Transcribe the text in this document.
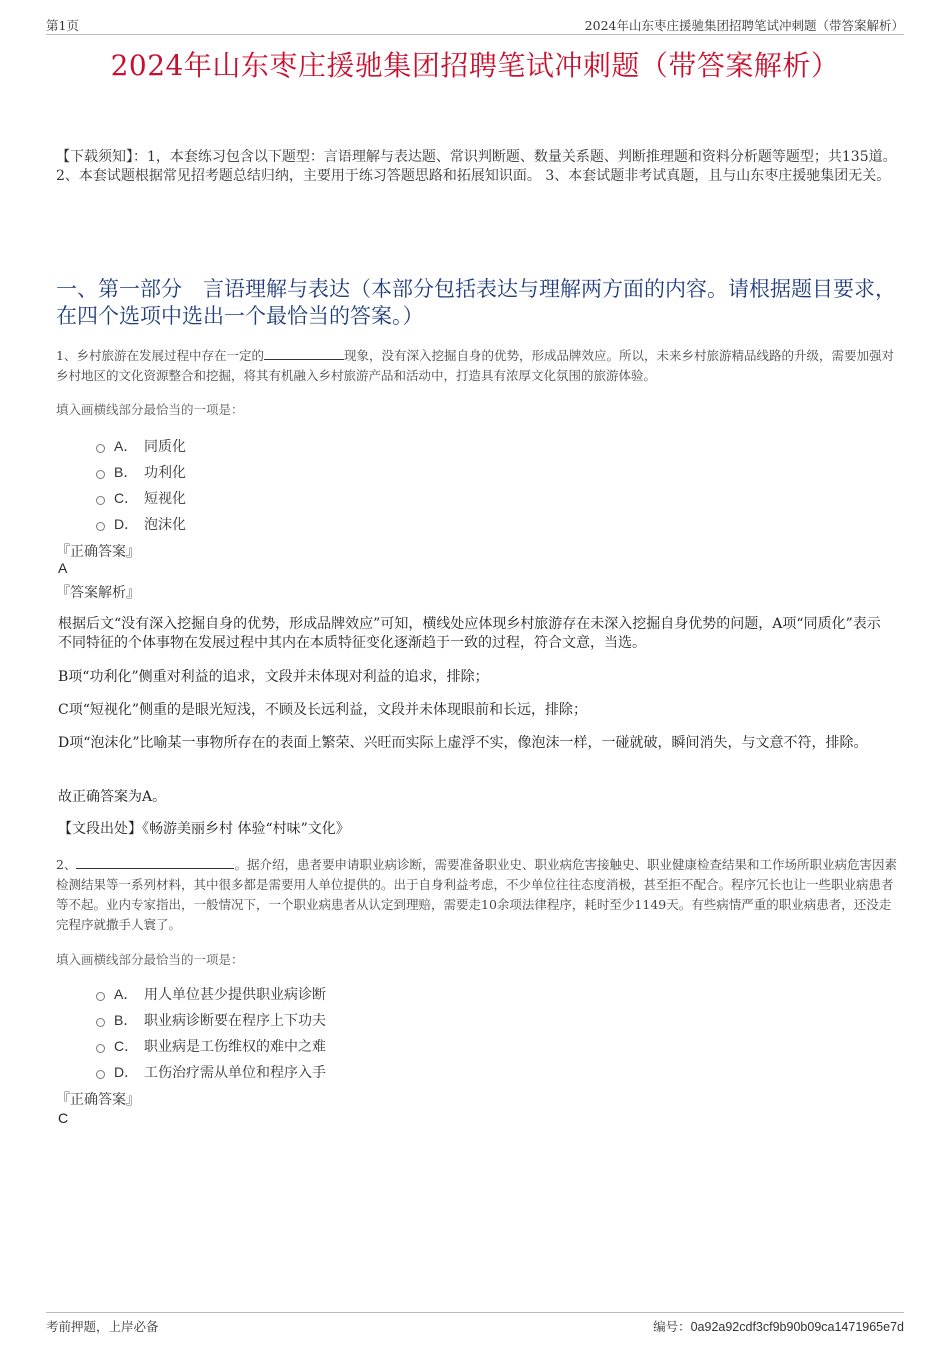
第1页	2024年山东枣庄援驰集团招聘笔试冲刺题（带答案解析）
2024年山东枣庄援驰集团招聘笔试冲刺题（带答案解析）
【下载须知】：1，本套练习包含以下题型：言语理解与表达题、常识判断题、数量关系题、判断推理题和资料分析题等题型；共135道。 2、本套试题根据常见招考题总结归纳，主要用于练习答题思路和拓展知识面。 3、本套试题非考试真题，且与山东枣庄援驰集团无关。
一、第一部分　言语理解与表达（本部分包括表达与理解两方面的内容。请根据题目要求，在四个选项中选出一个最恰当的答案。）
1、乡村旅游在发展过程中存在一定的	现象，没有深入挖掘自身的优势，形成品牌效应。所以，未来乡村旅游精品线路的升级，需要加强对乡村地区的文化资源整合和挖掘，将其有机融入乡村旅游产品和活动中，打造具有浓厚文化氛围的旅游体验。
填入画横线部分最恰当的一项是：
A． 同质化
B． 功利化
C． 短视化
D． 泡沫化
『正确答案』
A
『答案解析』
根据后文“没有深入挖掘自身的优势，形成品牌效应”可知，横线处应体现乡村旅游存在未深入挖掘自身优势的问题，A项“同质化”表示不同特征的个体事物在发展过程中其内在本质特征变化逐渐趋于一致的过程，符合文意，当选。
B项“功利化”侧重对利益的追求，文段并未体现对利益的追求，排除；
C项“短视化”侧重的是眼光短浅，不顾及长远利益，文段并未体现眼前和长远，排除；
D项“泡沫化”比喻某一事物所存在的表面上繁荣、兴旺而实际上虚浮不实，像泡沫一样，一碰就破，瞬间消失，与文意不符，排除。
故正确答案为A。
【文段出处】《畅游美丽乡村 体验“村味”文化》
2、	。据介绍，患者要申请职业病诊断，需要准备职业史、职业病危害接触史、职业健康检查结果和工作场所职业病危害因素检测结果等一系列材料，其中很多都是需要用人单位提供的。出于自身利益考虑，不少单位往往态度消极，甚至拒不配合。程序冗长也让一些职业病患者等不起。业内专家指出，一般情况下，一个职业病患者从认定到理赔，需要走10余项法律程序，耗时至少1149天。有些病情严重的职业病患者，还没走完程序就撒手人寰了。
填入画横线部分最恰当的一项是：
A． 用人单位甚少提供职业病诊断
B． 职业病诊断要在程序上下功夫
C． 职业病是工伤维权的难中之难
D． 工伤治疗需从单位和程序入手
『正确答案』
C
考前押题，上岸必备	编号：0a92a92cdf3cf9b90b09ca1471965e7d
